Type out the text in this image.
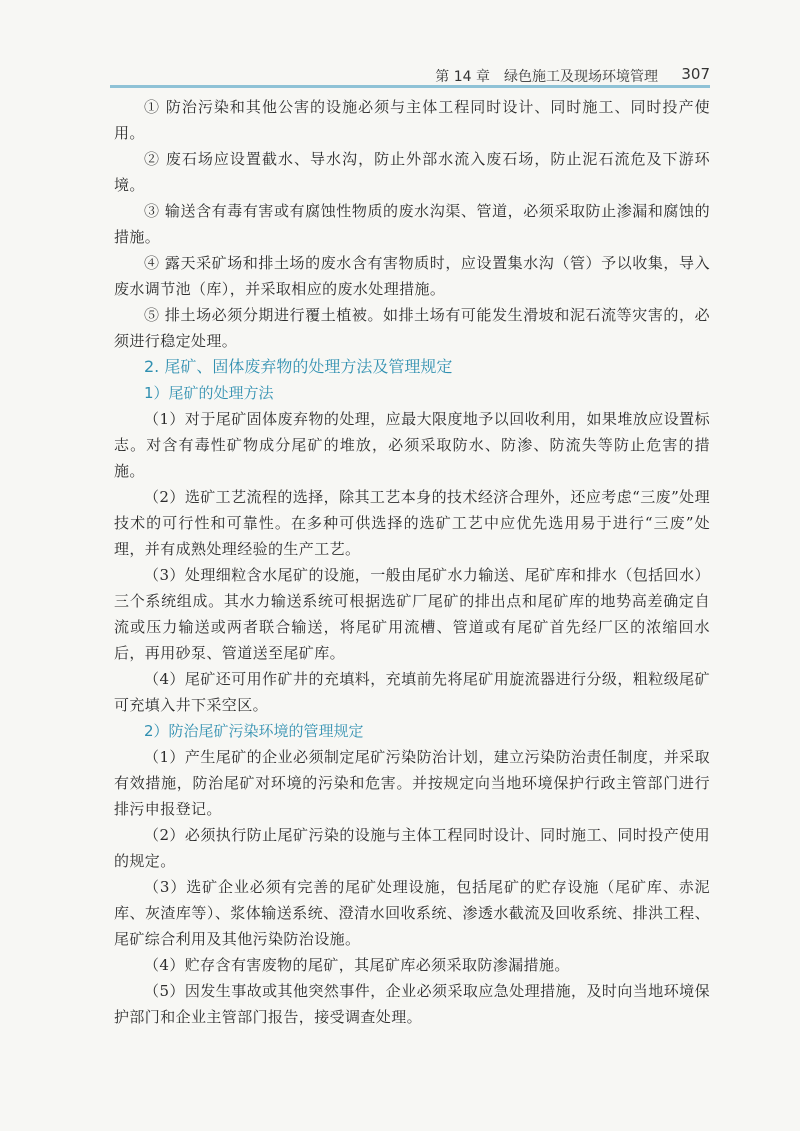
第 14 章　绿色施工及现场环境管理 307

① 防治污染和其他公害的设施必须与主体工程同时设计、同时施工、同时投产使用。

② 废石场应设置截水、导水沟，防止外部水流入废石场，防止泥石流危及下游环境。

③ 输送含有毒有害或有腐蚀性物质的废水沟渠、管道，必须采取防止渗漏和腐蚀的措施。

④ 露天采矿场和排土场的废水含有害物质时，应设置集水沟（管）予以收集，导入废水调节池（库），并采取相应的废水处理措施。

⑤ 排土场必须分期进行覆土植被。如排土场有可能发生滑坡和泥石流等灾害的，必须进行稳定处理。

2. 尾矿、固体废弃物的处理方法及管理规定

1）尾矿的处理方法

（1）对于尾矿固体废弃物的处理，应最大限度地予以回收利用，如果堆放应设置标志。对含有毒性矿物成分尾矿的堆放，必须采取防水、防渗、防流失等防止危害的措施。

（2）选矿工艺流程的选择，除其工艺本身的技术经济合理外，还应考虑“三废”处理技术的可行性和可靠性。在多种可供选择的选矿工艺中应优先选用易于进行“三废”处理，并有成熟处理经验的生产工艺。

（3）处理细粒含水尾矿的设施，一般由尾矿水力输送、尾矿库和排水（包括回水）三个系统组成。其水力输送系统可根据选矿厂尾矿的排出点和尾矿库的地势高差确定自流或压力输送或两者联合输送，将尾矿用流槽、管道或有尾矿首先经厂区的浓缩回水后，再用砂泵、管道送至尾矿库。

（4）尾矿还可用作矿井的充填料，充填前先将尾矿用旋流器进行分级，粗粒级尾矿可充填入井下采空区。

2）防治尾矿污染环境的管理规定

（1）产生尾矿的企业必须制定尾矿污染防治计划，建立污染防治责任制度，并采取有效措施，防治尾矿对环境的污染和危害。并按规定向当地环境保护行政主管部门进行排污申报登记。

（2）必须执行防止尾矿污染的设施与主体工程同时设计、同时施工、同时投产使用的规定。

（3）选矿企业必须有完善的尾矿处理设施，包括尾矿的贮存设施（尾矿库、赤泥库、灰渣库等）、浆体输送系统、澄清水回收系统、渗透水截流及回收系统、排洪工程、尾矿综合利用及其他污染防治设施。

（4）贮存含有害废物的尾矿，其尾矿库必须采取防渗漏措施。

（5）因发生事故或其他突然事件，企业必须采取应急处理措施，及时向当地环境保护部门和企业主管部门报告，接受调查处理。
